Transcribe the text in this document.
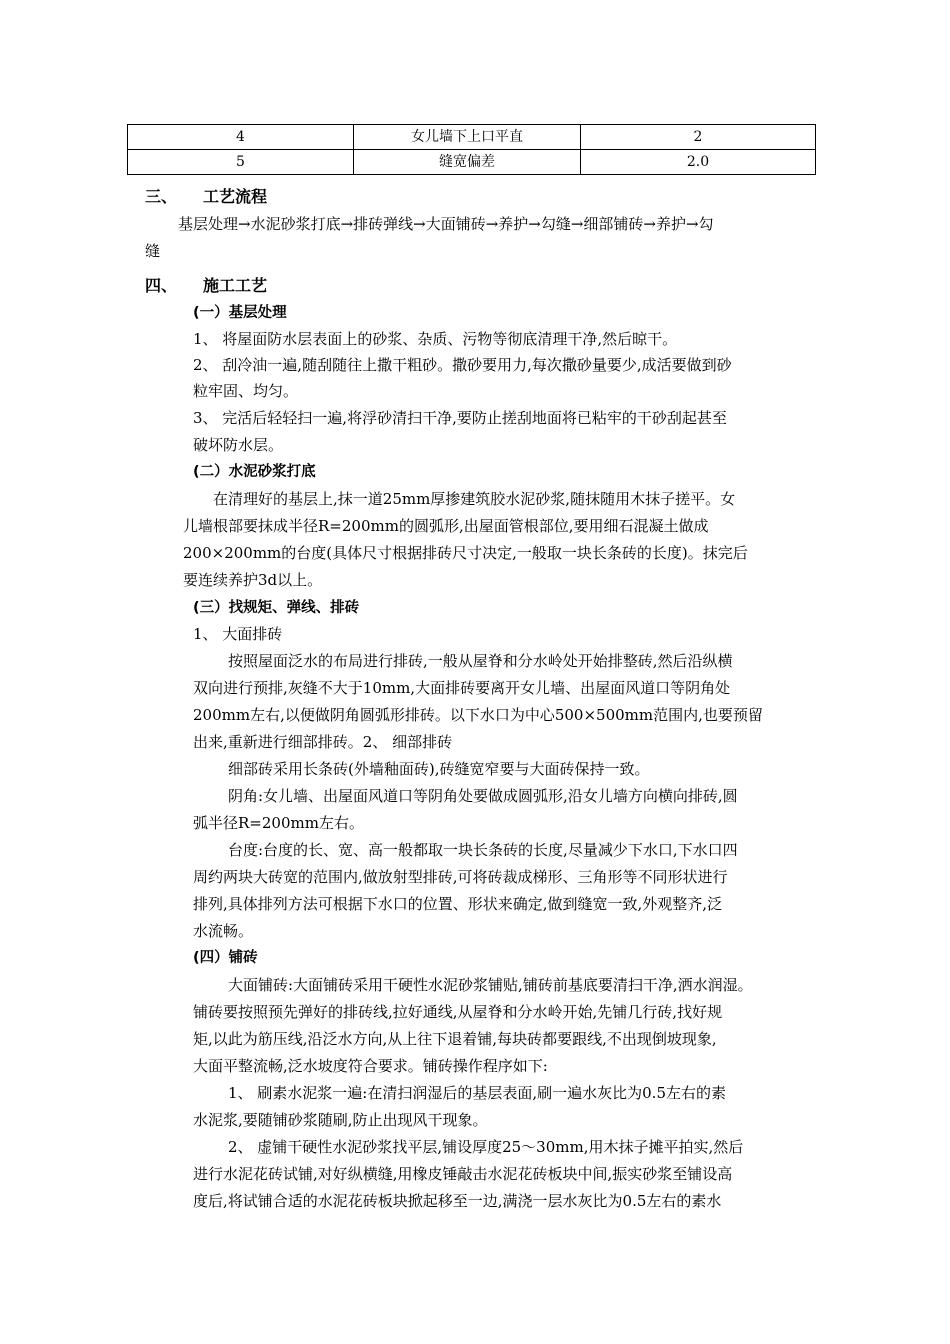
4	女儿墙下上口平直	2
5	缝宽偏差	2.0
三、 工艺流程
基层处理→水泥砂浆打底→排砖弹线→大面铺砖→养护→勾缝→细部铺砖→养护→勾
缝
四、 施工工艺
(一）基层处理
1、 将屋面防水层表面上的砂浆、杂质、污物等彻底清理干净,然后晾干。
2、 刮冷油一遍,随刮随往上撒干粗砂。撒砂要用力,每次撒砂量要少,成活要做到砂
粒牢固、均匀。
3、 完活后轻轻扫一遍,将浮砂清扫干净,要防止搓刮地面将已粘牢的干砂刮起甚至
破坏防水层。
(二）水泥砂浆打底
在清理好的基层上,抹一道25mm厚掺建筑胶水泥砂浆,随抹随用木抹子搓平。女
儿墙根部要抹成半径R=200mm的圆弧形,出屋面管根部位,要用细石混凝土做成
200×200mm的台度(具体尺寸根据排砖尺寸决定,一般取一块长条砖的长度)。抹完后
要连续养护3d以上。
(三）找规矩、弹线、排砖
1、 大面排砖
按照屋面泛水的布局进行排砖,一般从屋脊和分水岭处开始排整砖,然后沿纵横
双向进行预排,灰缝不大于10mm,大面排砖要离开女儿墙、出屋面风道口等阴角处
200mm左右,以便做阴角圆弧形排砖。以下水口为中心500×500mm范围内,也要预留
出来,重新进行细部排砖。2、 细部排砖
细部砖采用长条砖(外墙釉面砖),砖缝宽窄要与大面砖保持一致。
阴角:女儿墙、出屋面风道口等阴角处要做成圆弧形,沿女儿墙方向横向排砖,圆
弧半径R=200mm左右。
台度:台度的长、宽、高一般都取一块长条砖的长度,尽量减少下水口,下水口四
周约两块大砖宽的范围内,做放射型排砖,可将砖裁成梯形、三角形等不同形状进行
排列,具体排列方法可根据下水口的位置、形状来确定,做到缝宽一致,外观整齐,泛
水流畅。
(四）铺砖
大面铺砖:大面铺砖采用干硬性水泥砂浆铺贴,铺砖前基底要清扫干净,洒水润湿。
铺砖要按照预先弹好的排砖线,拉好通线,从屋脊和分水岭开始,先铺几行砖,找好规
矩,以此为筋压线,沿泛水方向,从上往下退着铺,每块砖都要跟线,不出现倒坡现象,
大面平整流畅,泛水坡度符合要求。铺砖操作程序如下:
1、 刷素水泥浆一遍:在清扫润湿后的基层表面,刷一遍水灰比为0.5左右的素
水泥浆,要随铺砂浆随刷,防止出现风干现象。
2、 虚铺干硬性水泥砂浆找平层,铺设厚度25～30mm,用木抹子摊平拍实,然后
进行水泥花砖试铺,对好纵横缝,用橡皮锤敲击水泥花砖板块中间,振实砂浆至铺设高
度后,将试铺合适的水泥花砖板块掀起移至一边,满浇一层水灰比为0.5左右的素水
